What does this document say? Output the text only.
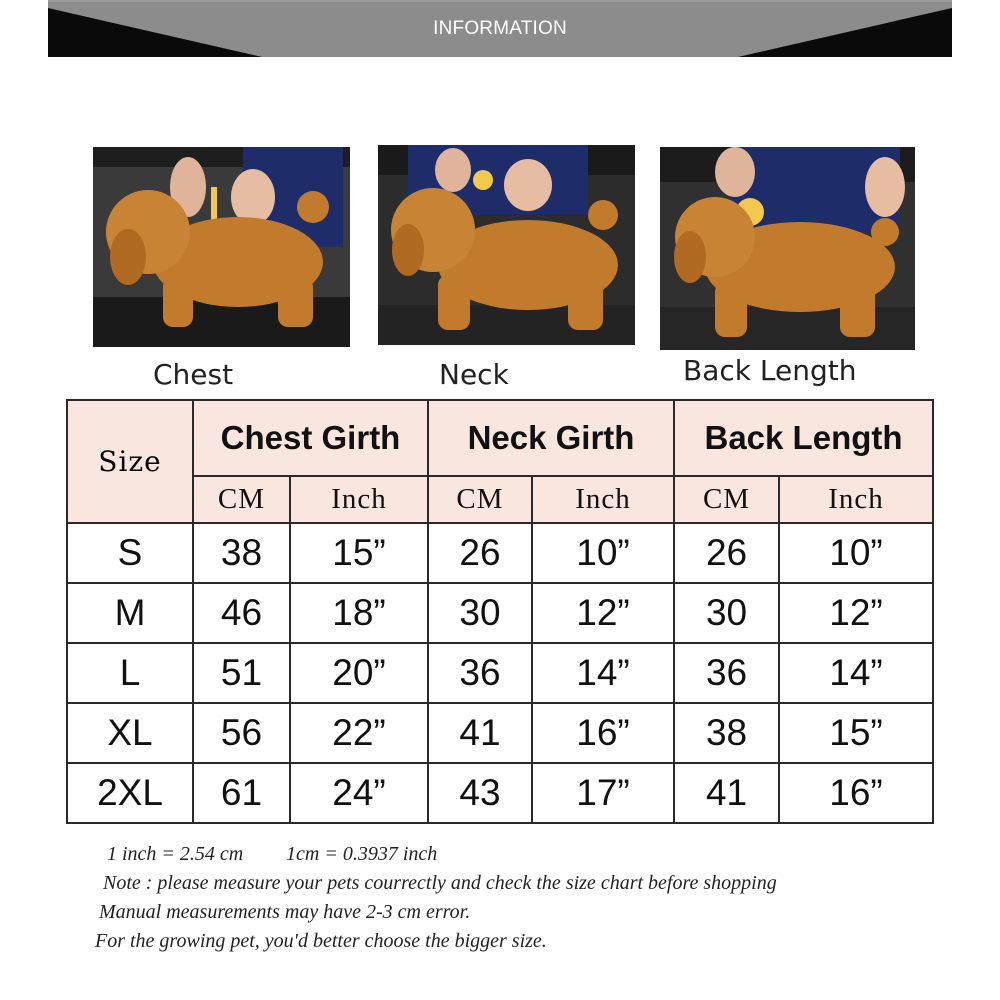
INFORMATION
Chest	Neck	Back Length
Size	Chest Girth		Neck Girth		Back Length	
	CM	Inch	CM	Inch	CM	Inch
S	38	15”	26	10”	26	10”
M	46	18”	30	12”	30	12”
L	51	20”	36	14”	36	14”
XL	56	22”	41	16”	38	15”
2XL	61	24”	43	17”	41	16”
1 inch = 2.54 cm 1cm = 0.3937 inch
Note : please measure your pets courrectly and check the size chart before shopping
Manual measurements may have 2-3 cm error.
For the growing pet, you'd better choose the bigger size.
